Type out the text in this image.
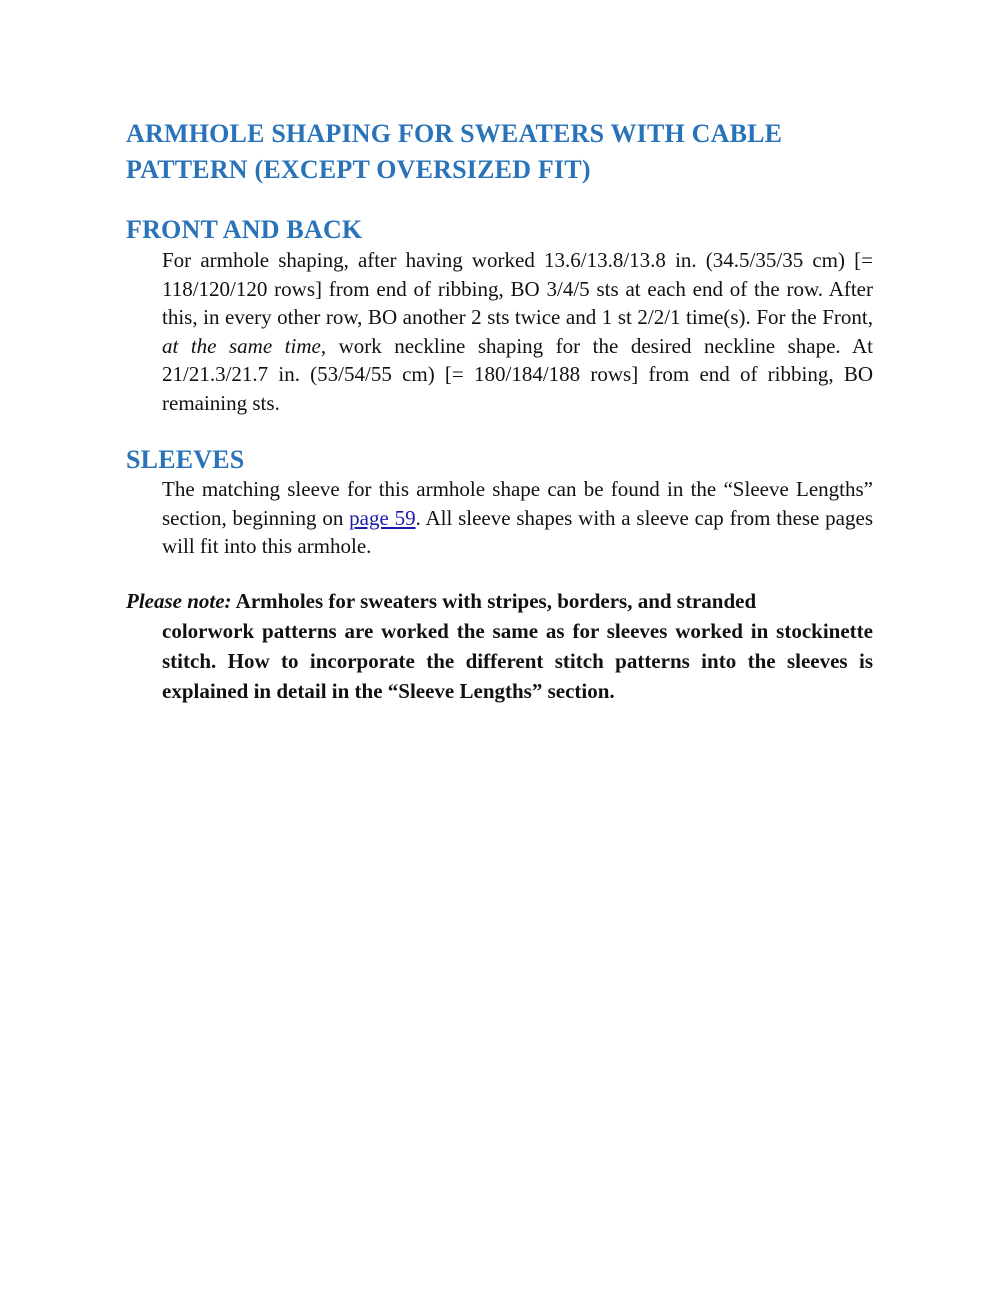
ARMHOLE SHAPING FOR SWEATERS WITH CABLE PATTERN (EXCEPT OVERSIZED FIT)
FRONT AND BACK

For armhole shaping, after having worked 13.6/13.8/13.8 in. (34.5/35/35 cm) [= 118/120/120 rows] from end of ribbing, BO 3/4/5 sts at each end of the row. After this, in every other row, BO another 2 sts twice and 1 st 2/2/1 time(s). For the Front, at the same time, work neckline shaping for the desired neckline shape. At 21/21.3/21.7 in. (53/54/55 cm) [= 180/184/188 rows] from end of ribbing, BO remaining sts.

SLEEVES

The matching sleeve for this armhole shape can be found in the “Sleeve Lengths” section, beginning on page 59. All sleeve shapes with a sleeve cap from these pages will fit into this armhole.

Please note: Armholes for sweaters with stripes, borders, and stranded
colorwork patterns are worked the same as for sleeves worked in stockinette stitch. How to incorporate the different stitch patterns into the sleeves is explained in detail in the “Sleeve Lengths” section.
